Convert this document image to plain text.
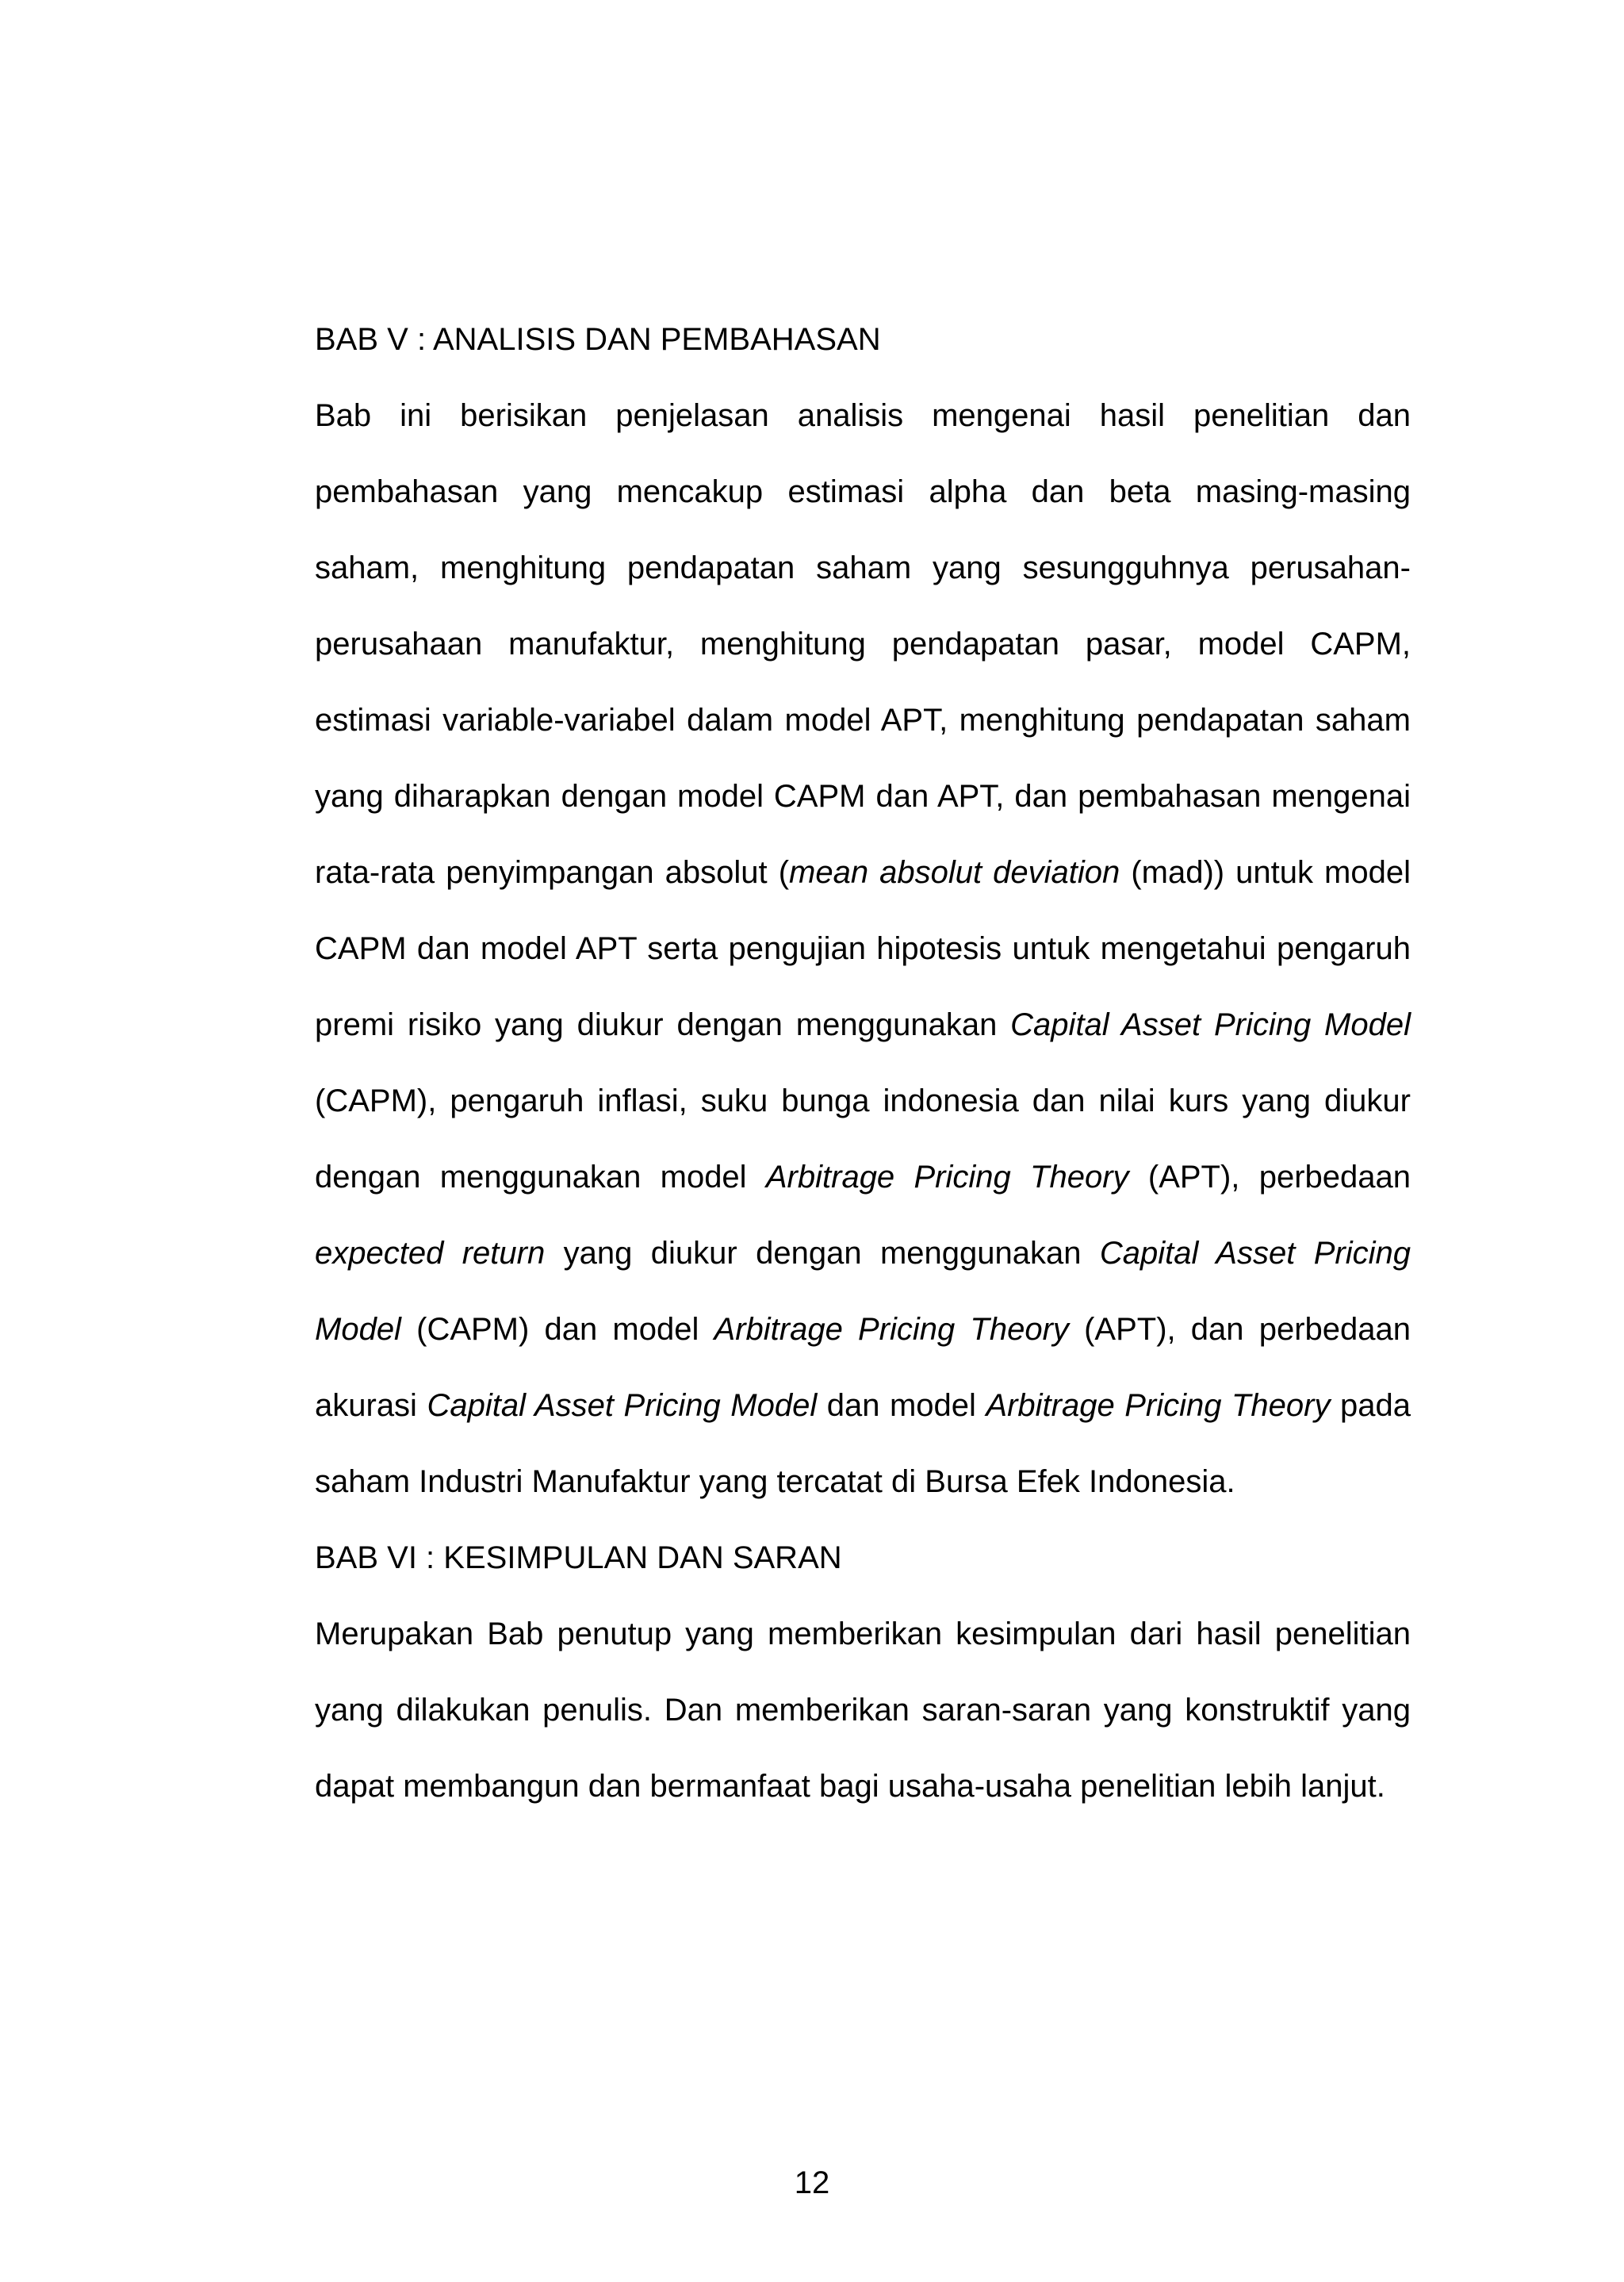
BAB V : ANALISIS DAN PEMBAHASAN

Bab ini berisikan penjelasan analisis mengenai hasil penelitian dan pembahasan yang mencakup estimasi alpha dan beta masing-masing saham, menghitung pendapatan saham yang sesungguhnya perusahan-perusahaan manufaktur, menghitung pendapatan pasar, model CAPM, estimasi variable-variabel dalam model APT, menghitung pendapatan saham yang diharapkan dengan model CAPM dan APT, dan pembahasan mengenai rata-rata penyimpangan absolut (mean absolut deviation (mad)) untuk model CAPM dan model APT serta pengujian hipotesis untuk mengetahui pengaruh premi risiko yang diukur dengan menggunakan Capital Asset Pricing Model (CAPM), pengaruh inflasi, suku bunga indonesia dan nilai kurs yang diukur dengan menggunakan model Arbitrage Pricing Theory (APT), perbedaan expected return yang diukur dengan menggunakan Capital Asset Pricing Model (CAPM) dan model Arbitrage Pricing Theory (APT), dan perbedaan akurasi Capital Asset Pricing Model dan model Arbitrage Pricing Theory pada saham Industri Manufaktur yang tercatat di Bursa Efek Indonesia.

BAB VI : KESIMPULAN DAN SARAN

Merupakan Bab penutup yang memberikan kesimpulan dari hasil penelitian yang dilakukan penulis. Dan memberikan saran-saran yang konstruktif yang dapat membangun dan bermanfaat bagi usaha-usaha penelitian lebih lanjut.

12
